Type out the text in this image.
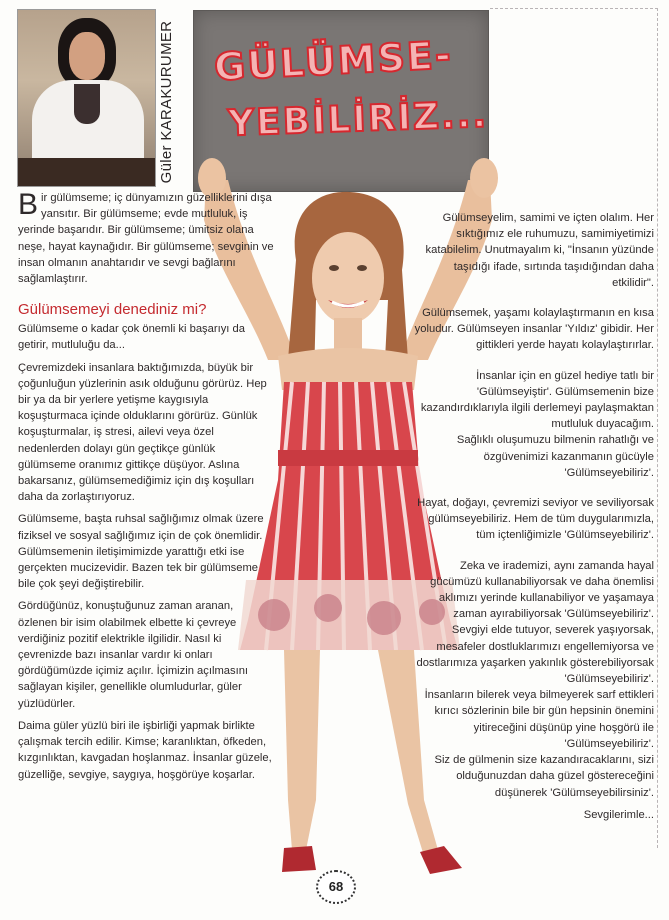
Güler KARAKURUMER GÜLÜMSE-
YEBİLİRİZ...

Bir gülümseme; iç dünyamızın güzelliklerini dışa yansıtır. Bir gülümseme; evde mutluluk, iş yerinde başarıdır. Bir gülümseme; ümitsiz olana neşe, hayat kaynağıdır. Bir gülümseme; sevginin ve insan olmanın anahtarıdır ve sevgi bağlarını sağlamlaştırır.

Gülümsemeyi denediniz mi?

Gülümseme o kadar çok önemli ki başarıyı da getirir, mutluluğu da...

Çevremizdeki insanlara baktığımızda, büyük bir çoğunluğun yüzlerinin asık olduğunu görürüz. Hep bir ya da bir yerlere yetişme kaygısıyla koşuşturmaca içinde olduklarını görürüz. Günlük koşuşturmalar, iş stresi, ailevi veya özel nedenlerden dolayı gün geçtikçe günlük gülümseme oranımız gittikçe düşüyor. Aslına bakarsanız, gülümsemediğimiz için dış koşulları daha da zorlaştırıyoruz.

Gülümseme, başta ruhsal sağlığımız olmak üzere fiziksel ve sosyal sağlığımız için de çok önemlidir. Gülümsemenin iletişimimizde yarattığı etki ise gerçekten mucizevidir. Bazen tek bir gülümseme bile çok şeyi değiştirebilir.

Gördüğünüz, konuştuğunuz zaman aranan, özlenen bir isim olabilmek elbette ki çevreye verdiğiniz pozitif elektrikle ilgilidir. Nasıl ki çevrenizde bazı insanlar vardır ki onları gördüğümüzde içimiz açılır. İçimizin açılmasını sağlayan kişiler, genellikle olumludurlar, güler yüzlüdürler.

Daima güler yüzlü biri ile işbirliği yapmak birlikte çalışmak tercih edilir. Kimse; karanlıktan, öfkeden, kızgınlıktan, kavgadan hoşlanmaz. İnsanlar güzele, güzelliğe, sevgiye, saygıya, hoşgörüye koşarlar.

Gülümseyelim, samimi ve içten olalım. Her sıktığımız ele ruhumuzu, samimiyetimizi katabilelim. Unutmayalım ki, "İnsanın yüzünde taşıdığı ifade, sırtında taşıdığından daha etkilidir".

Gülümsemek, yaşamı kolaylaştırmanın en kısa yoludur. Gülümseyen insanlar 'Yıldız' gibidir. Her gittikleri yerde hayatı kolaylaştırırlar.

İnsanlar için en güzel hediye tatlı bir 'Gülümseyiştir'. Gülümsemenin bize kazandırdıklarıyla ilgili derlemeyi paylaşmaktan mutluluk duyacağım.

Sağlıklı oluşumuzu bilmenin rahatlığı ve özgüvenimizi kazanmanın gücüyle 'Gülümseyebiliriz'.

Hayat, doğayı, çevremizi seviyor ve seviliyorsak gülümseyebiliriz. Hem de tüm duygularımızla, tüm içtenliğimizle 'Gülümseyebiliriz'.

Zeka ve irademizi, aynı zamanda hayal gücümüzü kullanabiliyorsak ve daha önemlisi aklımızı yerinde kullanabiliyor ve yaşamaya zaman ayırabiliyorsak 'Gülümseyebiliriz'.

Sevgiyi elde tutuyor, severek yaşıyorsak, mesafeler dostluklarımızı engellemiyorsa ve dostlarımıza yaşarken yakınlık gösterebiliyorsak 'Gülümseyebiliriz'.

İnsanların bilerek veya bilmeyerek sarf ettikleri kırıcı sözlerinin bile bir gün hepsinin önemini yitireceğini düşünüp yine hoşgörü ile 'Gülümseyebiliriz'.

Siz de gülmenin size kazandıracaklarını, sizi olduğunuzdan daha güzel göstereceğini düşünerek 'Gülümseyebilirsiniz'.

Sevgilerimle...

68
